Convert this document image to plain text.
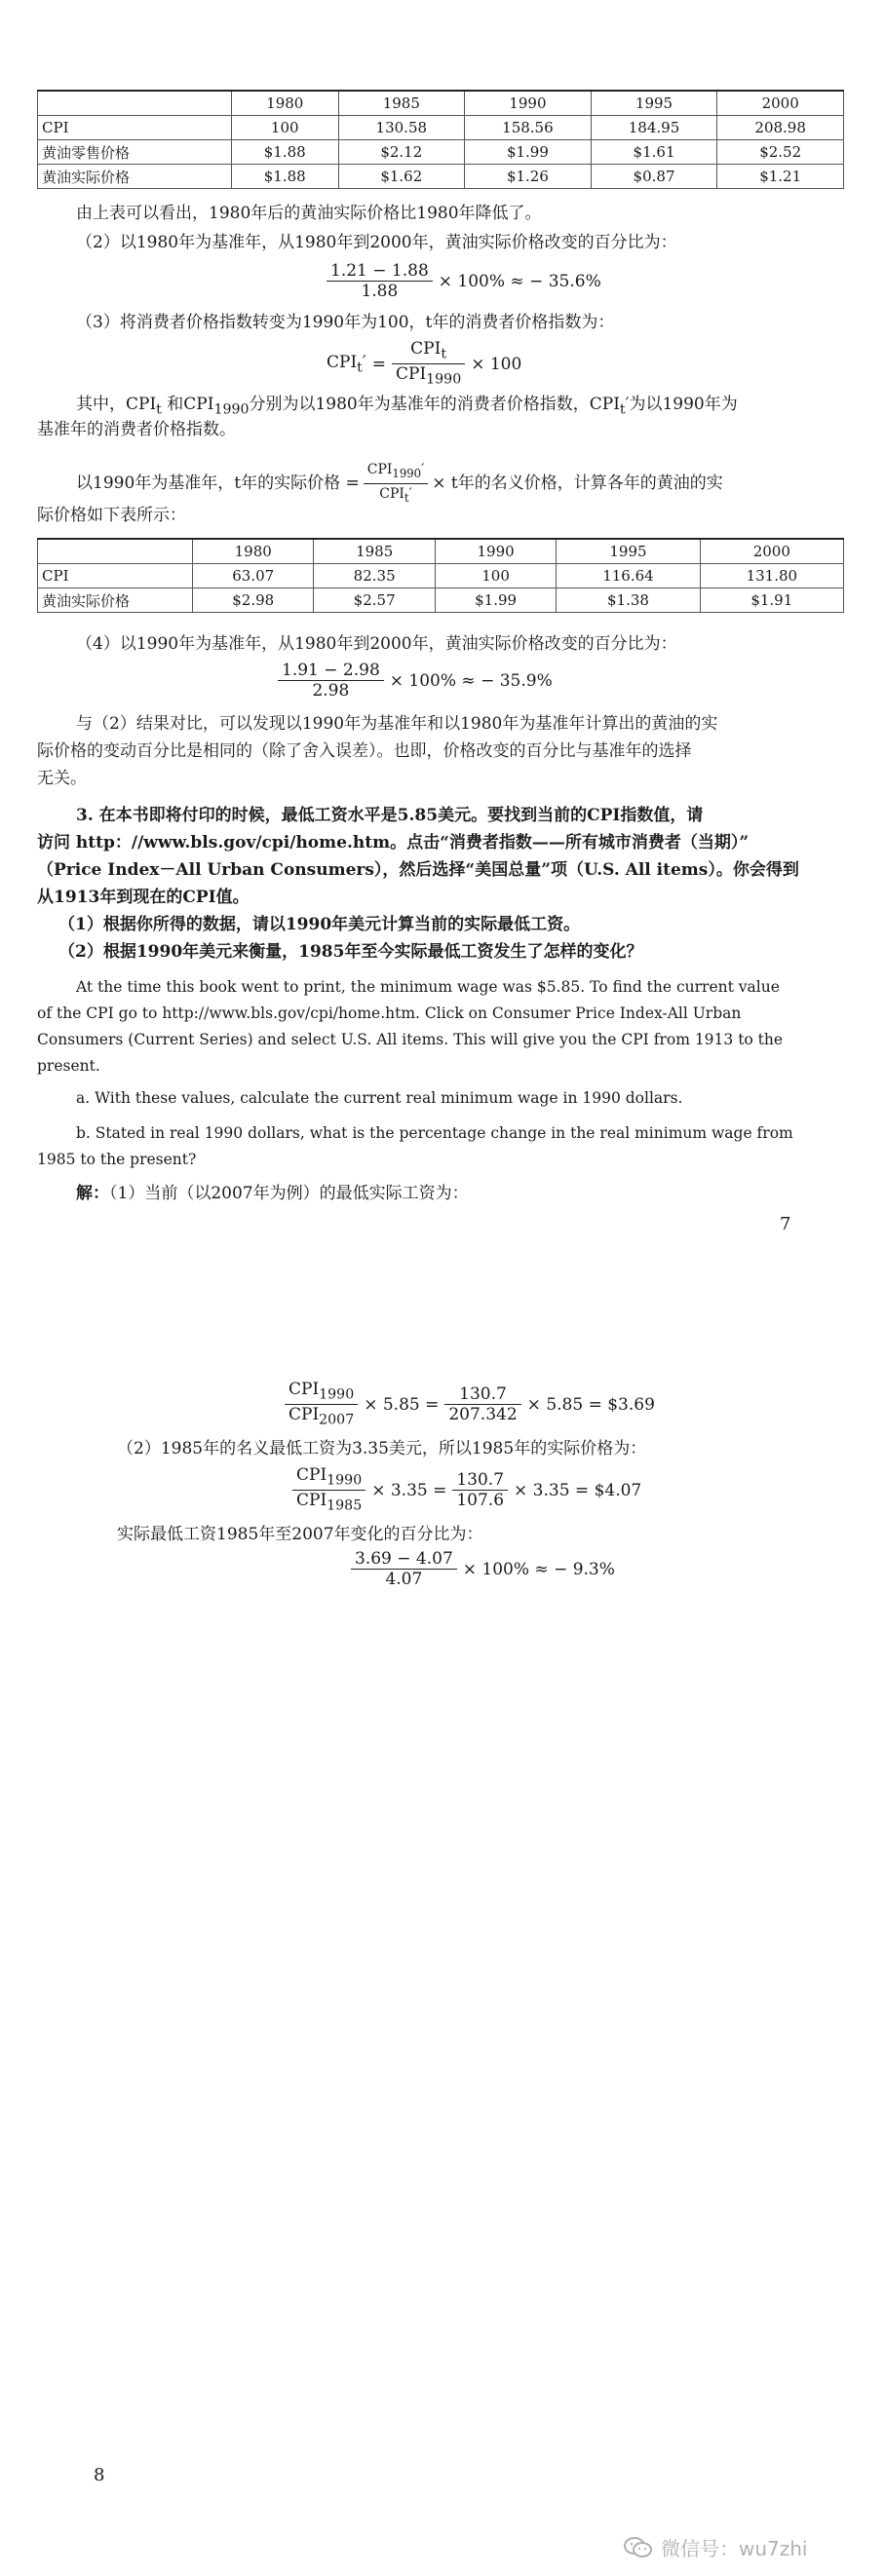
	1980	1985	1990	1995	2000
CPI	100	130.58	158.56	184.95	208.98
黄油零售价格	$1.88	$2.12	$1.99	$1.61	$2.52
黄油实际价格	$1.88	$1.62	$1.26	$0.87	$1.21
由上表可以看出，1980年后的黄油实际价格比1980年降低了。
（2）以1980年为基准年，从1980年到2000年，黄油实际价格改变的百分比为：
$\frac{1.21 - 1.88}{1.88} \times 100\%$ ≈ − 35.6%
（3）将消费者价格指数转变为1990年为100，t年的消费者价格指数为：
$CPI_t' = \frac{CPI_t}{CPI_{1990}} \times 100$
其中，$CPI_t$ 和$CPI_{1990}$分别为以1980年为基准年的消费者价格指数，$CPI_t'$为以1990年为
基准年的消费者价格指数。
以1990年为基准年，t年的实际价格 = $\frac{CPI_{1990}'}{CPI_t'} \times t$年的名义价格，计算各年的黄油的实
际价格如下表所示：
	1980	1985	1990	1995	2000
CPI	63.07	82.35	100	116.64	131.80
黄油实际价格	$2.98	$2.57	$1.99	$1.38	$1.91
（4）以1990年为基准年，从1980年到2000年，黄油实际价格改变的百分比为：
$\frac{1.91 - 2.98}{2.98} \times 100\%$ ≈ − 35.9%
与（2）结果对比，可以发现以1990年为基准年和以1980年为基准年计算出的黄油的实
际价格的变动百分比是相同的（除了舍入误差）。也即，价格改变的百分比与基准年的选择
无关。
3. 在本书即将付印的时候，最低工资水平是5.85美元。要找到当前的CPI指数值，请
访问 http：//www.bls.gov/cpi/home.htm。点击“消费者指数——所有城市消费者（当期）”
（Price Index－All Urban Consumers），然后选择“美国总量”项（U.S. All items）。你会得到
从1913年到现在的CPI值。
（1）根据你所得的数据，请以1990年美元计算当前的实际最低工资。
（2）根据1990年美元来衡量，1985年至今实际最低工资发生了怎样的变化？
At the time this book went to print, the minimum wage was $5.85. To find the current value
of the CPI go to http://www.bls.gov/cpi/home.htm. Click on Consumer Price Index-All Urban
Consumers (Current Series) and select U.S. All items. This will give you the CPI from 1913 to the
present.
a. With these values, calculate the current real minimum wage in 1990 dollars.
b. Stated in real 1990 dollars, what is the percentage change in the real minimum wage from
1985 to the present?
解：（1）当前（以2007年为例）的最低实际工资为：
7
$\frac{CPI_{1990}}{CPI_{2007}} \times 5.85 = \frac{130.7}{207.342} \times 5.85$ = $3.69
（2）1985年的名义最低工资为3.35美元，所以1985年的实际价格为：
$\frac{CPI_{1990}}{CPI_{1985}} \times 3.35 = \frac{130.7}{107.6} \times 3.35$ = $4.07
实际最低工资1985年至2007年变化的百分比为：
$\frac{3.69 - 4.07}{4.07} \times 100\%$ ≈ − 9.3%
8
微信号：wu7zhi
